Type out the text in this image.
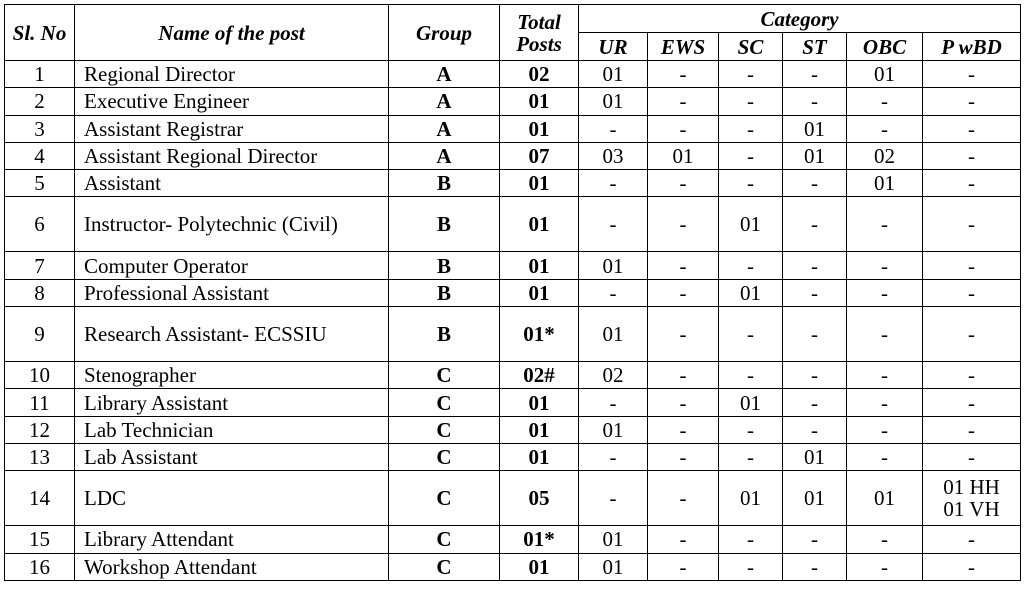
Sl. No	Name of the post	Group	Total Posts	Category					
				UR	EWS	SC	ST	OBC	P wBD
1	Regional Director	A	02	01	-	-	-	01	-
2	Executive Engineer	A	01	01	-	-	-	-	-
3	Assistant Registrar	A	01	-	-	-	01	-	-
4	Assistant Regional Director	A	07	03	01	-	01	02	-
5	Assistant	B	01	-	-	-	-	01	-
6	Instructor- Polytechnic (Civil)	B	01	-	-	01	-	-	-
7	Computer Operator	B	01	01	-	-	-	-	-
8	Professional Assistant	B	01	-	-	01	-	-	-
9	Research Assistant- ECSSIU	B	01*	01	-	-	-	-	-
10	Stenographer	C	02#	02	-	-	-	-	-
11	Library Assistant	C	01	-	-	01	-	-	-
12	Lab Technician	C	01	01	-	-	-	-	-
13	Lab Assistant	C	01	-	-	-	01	-	-
14	LDC	C	05	-	-	01	01	01	01 HH
01 VH
15	Library Attendant	C	01*	01	-	-	-	-	-
16	Workshop Attendant	C	01	01	-	-	-	-	-
